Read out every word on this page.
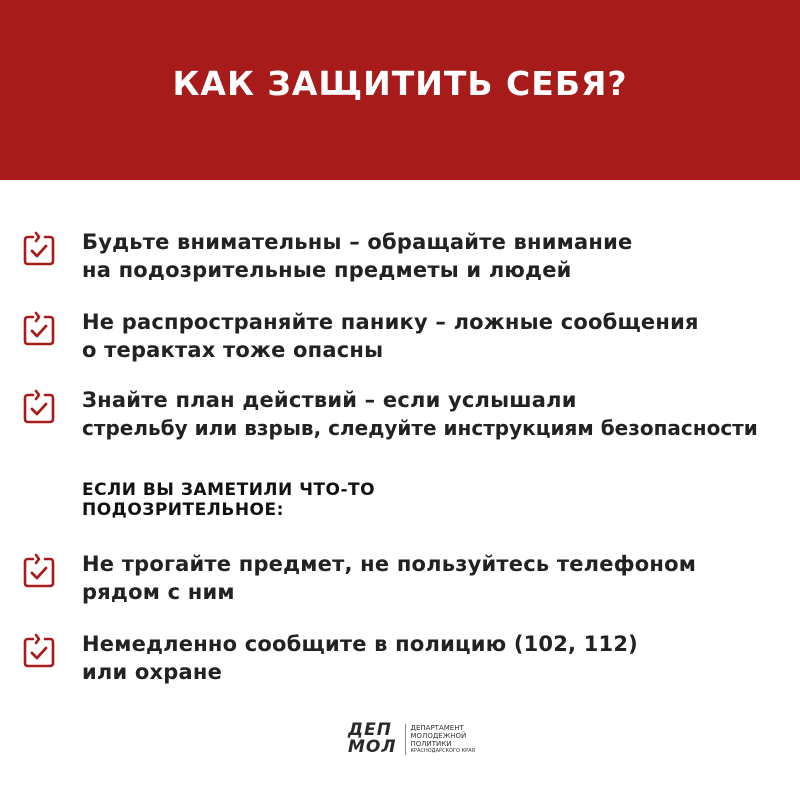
КАК ЗАЩИТИТЬ СЕБЯ?
Будьте внимательны – обращайте внимание
на подозрительные предметы и людей
Не распространяйте панику – ложные сообщения
о терактах тоже опасны
Знайте план действий – если услышали
стрельбу или взрыв, следуйте инструкциям безопасности
ЕСЛИ ВЫ ЗАМЕТИЛИ ЧТО-ТО
ПОДОЗРИТЕЛЬНОЕ:
Не трогайте предмет, не пользуйтесь телефоном
рядом с ним
Немедленно сообщите в полицию (102, 112)
или охране
ДЕП
МОЛ
ДЕПАРТАМЕНТ
МОЛОДЕЖНОЙ
ПОЛИТИКИ
КРАСНОДАРСКОГО КРАЯ
